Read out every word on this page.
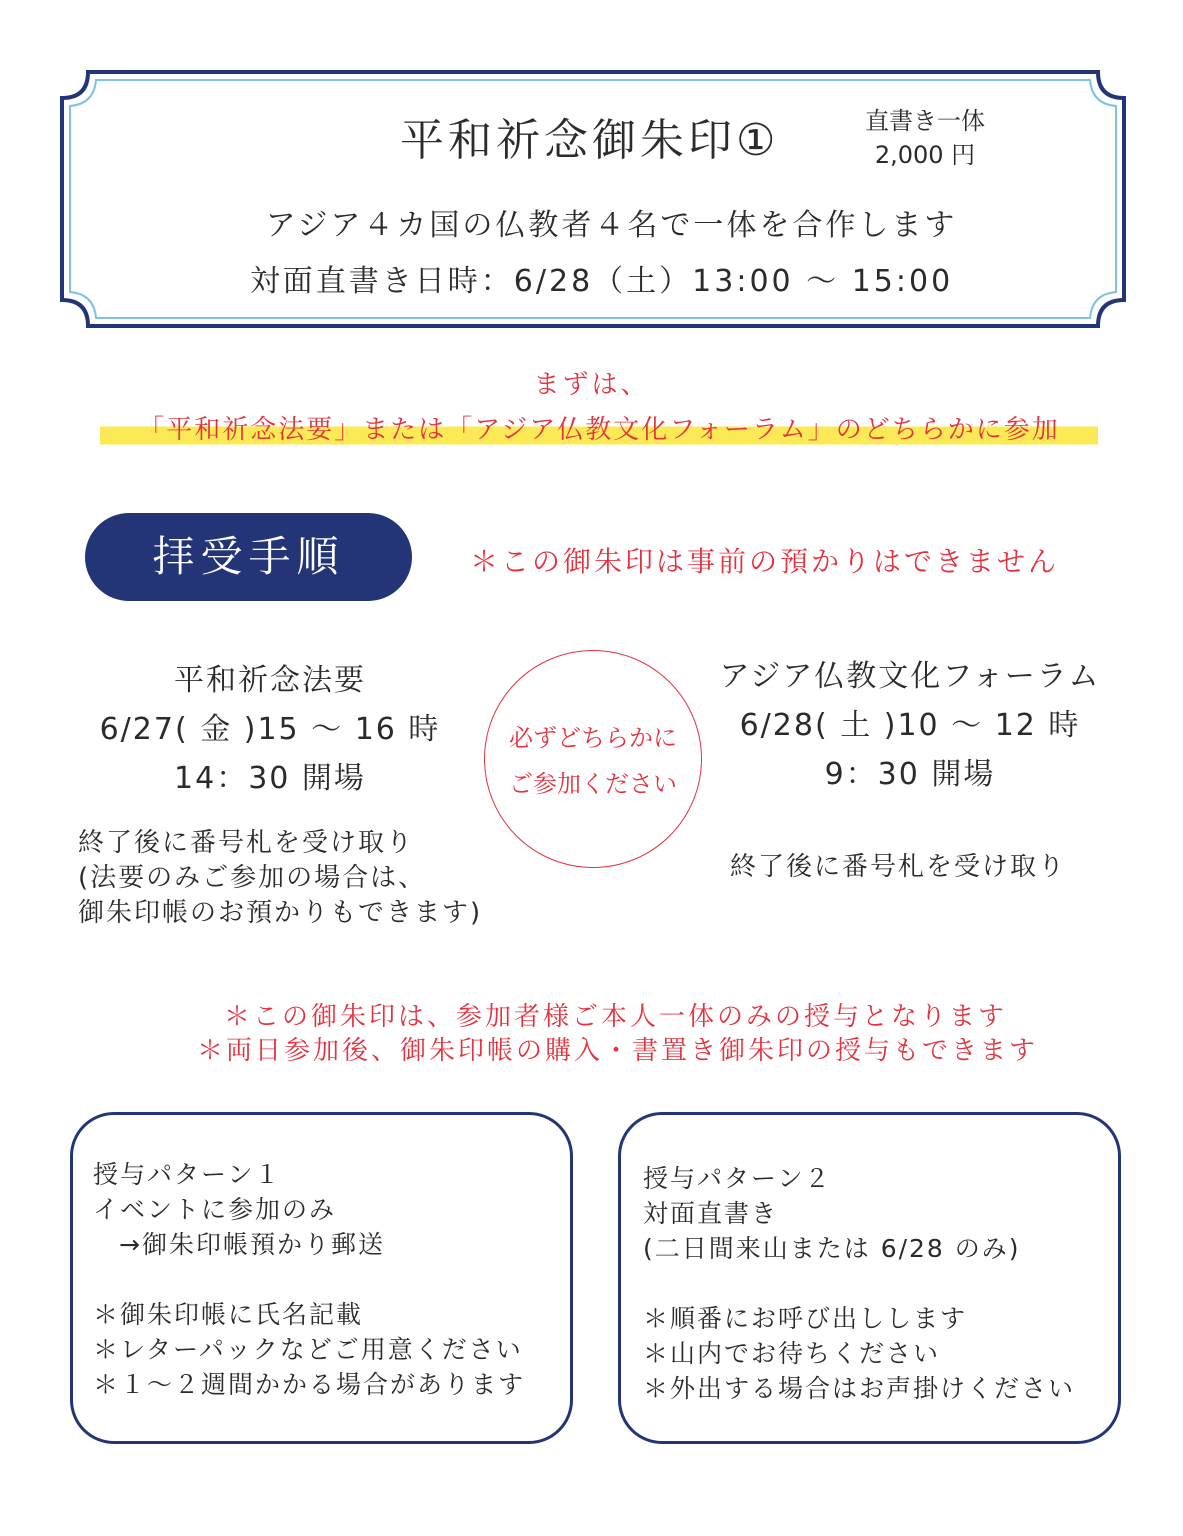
平和祈念御朱印①	直書き一体
2,000 円
アジア４カ国の仏教者４名で一体を合作します
対面直書き日時：6/28（土）13:00 ～ 15:00
まずは、
「平和祈念法要」または「アジア仏教文化フォーラム」のどちらかに参加
拝受手順	＊この御朱印は事前の預かりはできません
平和祈念法要
6/27( 金 )15 ～ 16 時
14：30 開場
必ずどちらかに
ご参加ください
アジア仏教文化フォーラム
6/28( 土 )10 ～ 12 時
9：30 開場
終了後に番号札を受け取り
(法要のみご参加の場合は、
御朱印帳のお預かりもできます)
終了後に番号札を受け取り
＊この御朱印は、参加者様ご本人一体のみの授与となります
＊両日参加後、御朱印帳の購入・書置き御朱印の授与もできます
授与パターン１
イベントに参加のみ
→御朱印帳預かり郵送
＊御朱印帳に氏名記載
＊レターパックなどご用意ください
＊１～２週間かかる場合があります
授与パターン２
対面直書き
(二日間来山または 6/28 のみ)
＊順番にお呼び出しします
＊山内でお待ちください
＊外出する場合はお声掛けください
